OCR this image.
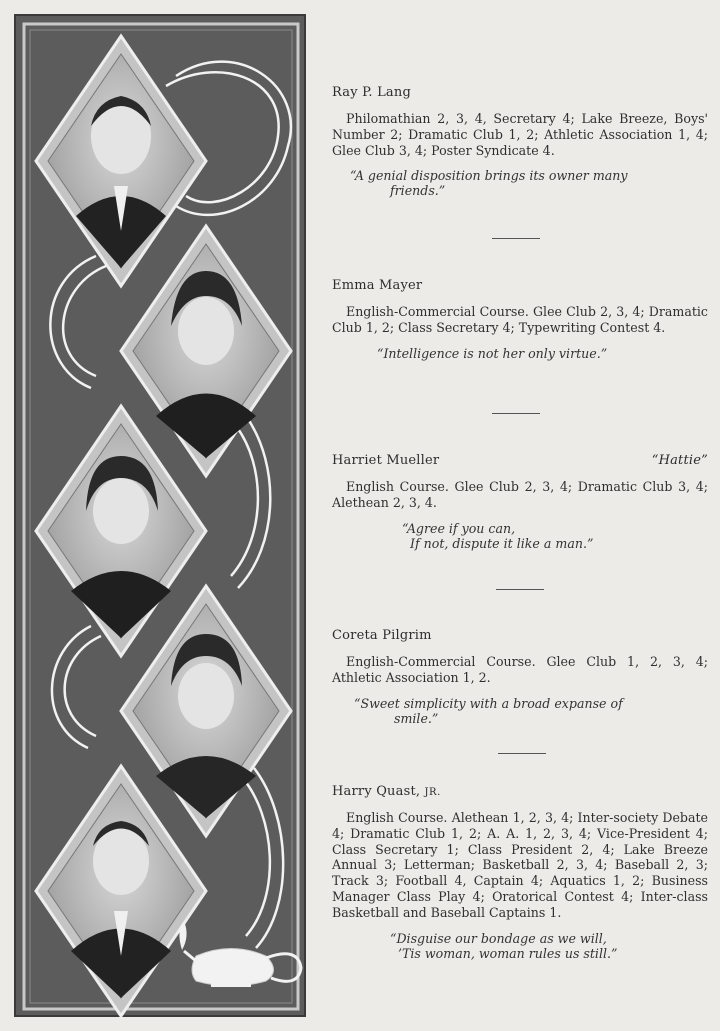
Ray P. Lang
Philomathian 2, 3, 4, Secretary 4; Lake Breeze, Boys' Number 2; Dramatic Club 1, 2; Athletic Association 1, 4; Glee Club 3, 4; Poster Syndicate 4.
“A genial disposition brings its owner many
friends.”
Emma Mayer
English-Commercial Course. Glee Club 2, 3, 4; Dramatic Club 1, 2; Class Secretary 4; Typewriting Contest 4.
“Intelligence is not her only virtue.”
Harriet Mueller	“Hattie”
English Course. Glee Club 2, 3, 4; Dramatic Club 3, 4; Alethean 2, 3, 4.
“Agree if you can,
If not, dispute it like a man.”
Coreta Pilgrim
English-Commercial Course. Glee Club 1, 2, 3, 4; Athletic Association 1, 2.
“Sweet simplicity with a broad expanse of
smile.”
Harry Quast, JR.
English Course. Alethean 1, 2, 3, 4; Inter-society Debate 4; Dramatic Club 1, 2; A. A. 1, 2, 3, 4; Vice-President 4; Class Secretary 1; Class President 2, 4; Lake Breeze Annual 3; Letterman; Basketball 2, 3, 4; Baseball 2, 3; Track 3; Football 4, Captain 4; Aquatics 1, 2; Business Manager Class Play 4; Oratorical Contest 4; Inter-class Basketball and Baseball Captains 1.
“Disguise our bondage as we will,
’Tis woman, woman rules us still.”
